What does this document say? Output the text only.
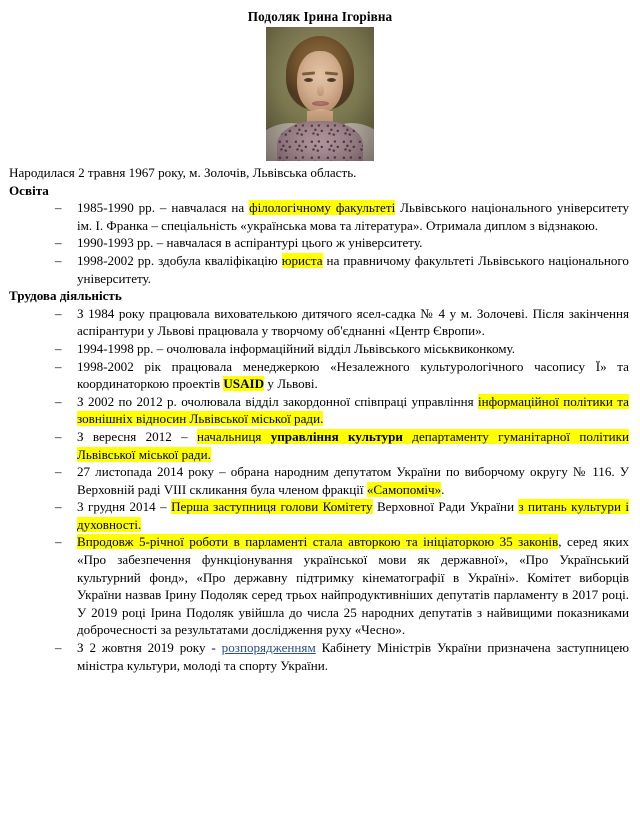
Подоляк Ірина Ігорівна

Народилася 2 травня 1967 року, м. Золочів, Львівська область.

Освіта
– 1985-1990 рр. – навчалася на філологічному факультеті Львівського національного університету ім. І. Франка – спеціальність «українська мова та література». Отримала диплом з відзнакою.
– 1990-1993 рр. – навчалася в аспірантурі цього ж університету.
– 1998-2002 рр. здобула кваліфікацію юриста на правничому факультеті Львівського національного університету.
Трудова діяльність
– З 1984 року працювала вихователькою дитячого ясел-садка № 4 у м. Золочеві. Після закінчення аспірантури у Львові працювала у творчому об'єднанні «Центр Європи».
– 1994-1998 рр. – очолювала інформаційний відділ Львівського міськвиконкому.
– 1998-2002 рік працювала менеджеркою «Незалежного культурологічного часопису Ї» та координаторкою проектів USAID у Львові.
– З 2002 по 2012 р. очолювала відділ закордонної співпраці управління інформаційної політики та зовнішніх відносин Львівської міської ради.
– З вересня 2012 – начальниця управління культури департаменту гуманітарної політики Львівської міської ради.
– 27 листопада 2014 року – обрана народним депутатом України по виборчому округу № 116. У Верховній раді VIII скликання була членом фракції «Самопоміч».
– 3 грудня 2014 – Перша заступниця голови Комітету Верховної Ради України з питань культури і духовності.
– Впродовж 5-річної роботи в парламенті стала авторкою та ініціаторкою 35 законів, серед яких «Про забезпечення функціонування української мови як державної», «Про Український культурний фонд», «Про державну підтримку кінематографії в Україні». Комітет виборців України назвав Ірину Подоляк серед трьох найпродуктивніших депутатів парламенту в 2017 році. У 2019 році Ірина Подоляк увійшла до числа 25 народних депутатів з найвищими показниками доброчесності за результатами дослідження руху «Чесно».
– З 2 жовтня 2019 року - розпорядженням Кабінету Міністрів України призначена заступницею міністра культури, молоді та спорту України.
